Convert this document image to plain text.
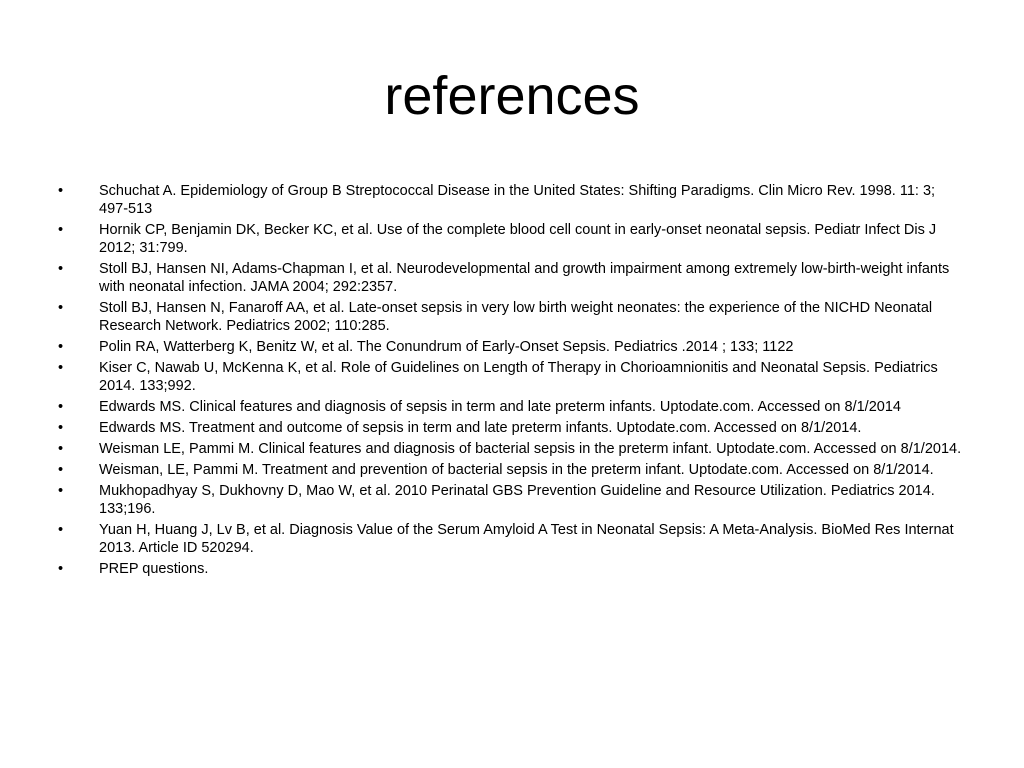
references
•	Schuchat A. Epidemiology of Group B Streptococcal Disease in the United States: Shifting Paradigms. Clin Micro Rev. 1998. 11: 3; 497-513
•	Hornik CP, Benjamin DK, Becker KC, et al. Use of the complete blood cell count in early-onset neonatal sepsis. Pediatr Infect Dis J 2012; 31:799.
•	Stoll BJ, Hansen NI, Adams-Chapman I, et al. Neurodevelopmental and growth impairment among extremely low-birth-weight infants with neonatal infection. JAMA 2004; 292:2357.
•	Stoll BJ, Hansen N, Fanaroff AA, et al. Late-onset sepsis in very low birth weight neonates: the experience of the NICHD Neonatal Research Network. Pediatrics 2002; 110:285.
•	Polin RA, Watterberg K, Benitz W, et al. The Conundrum of Early-Onset Sepsis. Pediatrics .2014 ; 133; 1122
•	Kiser C, Nawab U, McKenna K, et al. Role of Guidelines on Length of Therapy in Chorioamnionitis and Neonatal Sepsis. Pediatrics 2014. 133;992.
•	Edwards MS. Clinical features and diagnosis of sepsis in term and late preterm infants. Uptodate.com. Accessed on 8/1/2014
•	Edwards MS. Treatment and outcome of sepsis in term and late preterm infants. Uptodate.com. Accessed on 8/1/2014.
•	Weisman LE, Pammi M. Clinical features and diagnosis of bacterial sepsis in the preterm infant. Uptodate.com. Accessed on 8/1/2014.
•	Weisman, LE, Pammi M. Treatment and prevention of bacterial sepsis in the preterm infant. Uptodate.com. Accessed on 8/1/2014.
•	Mukhopadhyay S, Dukhovny D, Mao W, et al. 2010 Perinatal GBS Prevention Guideline and Resource Utilization. Pediatrics 2014. 133;196.
•	Yuan H, Huang J, Lv B, et al. Diagnosis Value of the Serum Amyloid A Test in Neonatal Sepsis: A Meta-Analysis. BioMed Res Internat 2013. Article ID 520294.
•	PREP questions.
